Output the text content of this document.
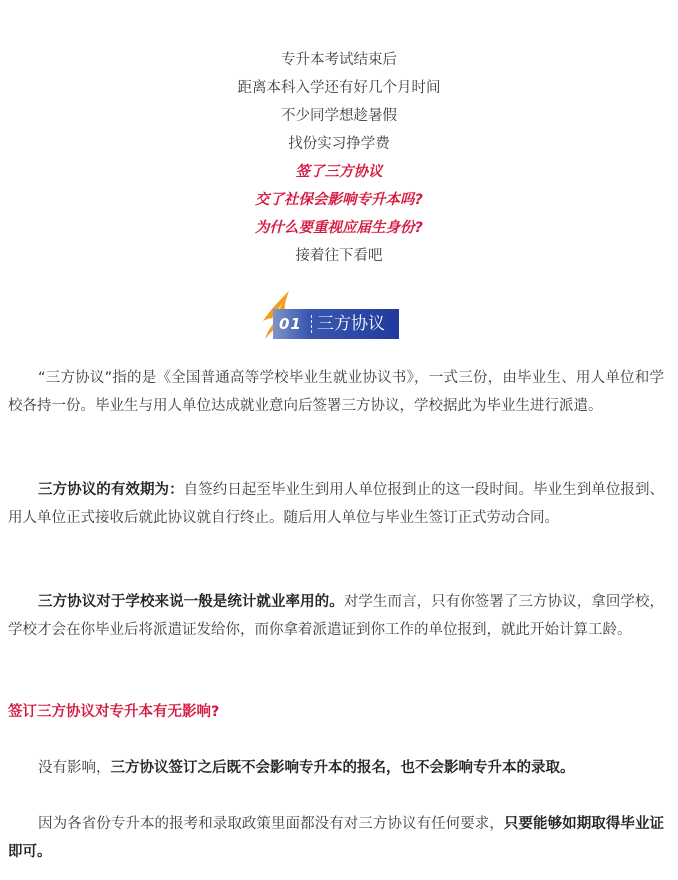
专升本考试结束后
距离本科入学还有好几个月时间
不少同学想趁暑假
找份实习挣学费
签了三方协议
交了社保会影响专升本吗?
为什么要重视应届生身份?
接着往下看吧
01 三方协议

“三方协议”指的是《全国普通高等学校毕业生就业协议书》，一式三份，由毕业生、用人单位和学校各持一份。毕业生与用人单位达成就业意向后签署三方协议，学校据此为毕业生进行派遣。

三方协议的有效期为：自签约日起至毕业生到用人单位报到止的这一段时间。毕业生到单位报到、用人单位正式接收后就此协议就自行终止。随后用人单位与毕业生签订正式劳动合同。

三方协议对于学校来说一般是统计就业率用的。对学生而言，只有你签署了三方协议，拿回学校，学校才会在你毕业后将派遣证发给你，而你拿着派遣证到你工作的单位报到，就此开始计算工龄。

签订三方协议对专升本有无影响?

没有影响，三方协议签订之后既不会影响专升本的报名，也不会影响专升本的录取。

因为各省份专升本的报考和录取政策里面都没有对三方协议有任何要求，只要能够如期取得毕业证即可。
